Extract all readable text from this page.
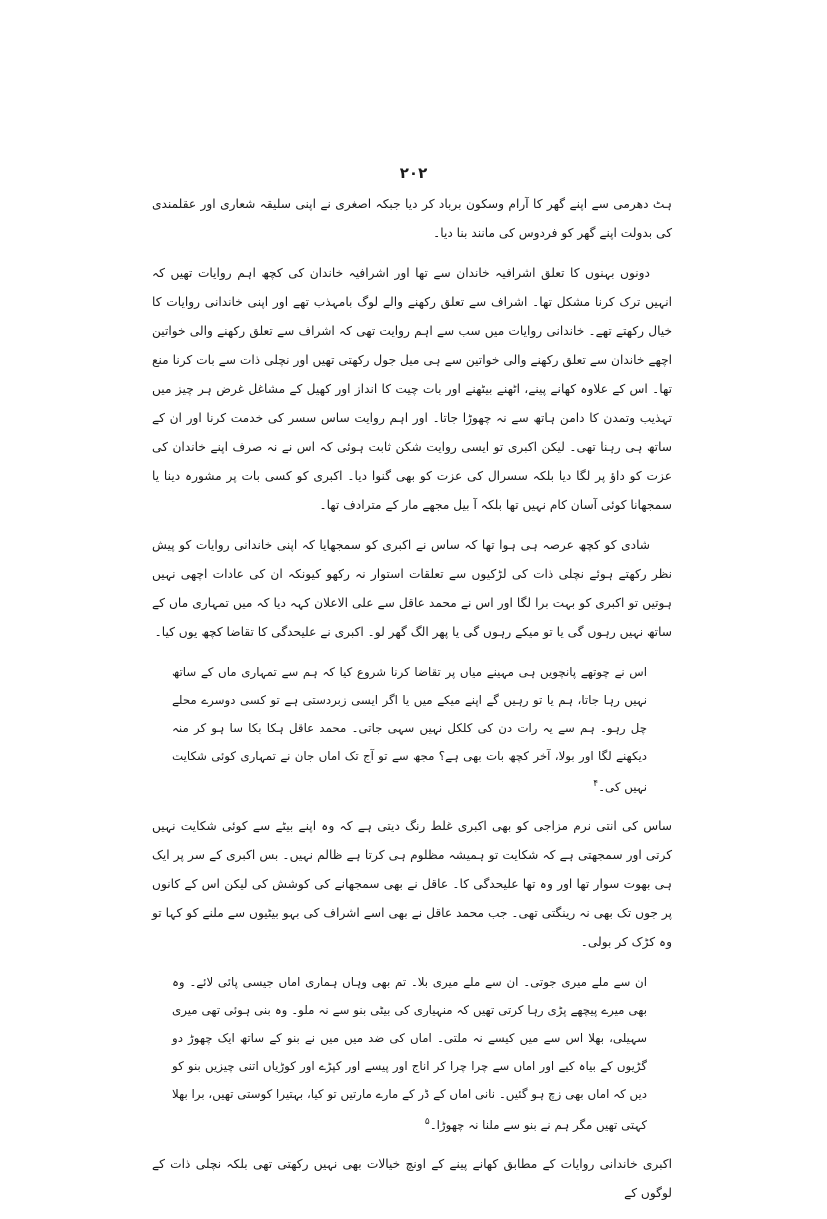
۲۰۲

ہٹ دھرمی سے اپنے گھر کا آرام وسکون برباد کر دیا جبکہ اصغری نے اپنی سلیقہ شعاری اور عقلمندی کی بدولت اپنے گھر کو فردوس کی مانند بنا دیا۔

دونوں بہنوں کا تعلق اشرافیہ خاندان سے تھا اور اشرافیہ خاندان کی کچھ اہم روایات تھیں کہ انہیں ترک کرنا مشکل تھا۔ اشراف سے تعلق رکھنے والے لوگ بامہذب تھے اور اپنی خاندانی روایات کا خیال رکھتے تھے۔ خاندانی روایات میں سب سے اہم روایت تھی کہ اشراف سے تعلق رکھنے والی خواتین اچھے خاندان سے تعلق رکھنے والی خواتین سے ہی میل جول رکھتی تھیں اور نچلی ذات سے بات کرنا منع تھا۔ اس کے علاوہ کھانے پینے، اٹھنے بیٹھنے اور بات چیت کا انداز اور کھیل کے مشاغل غرض ہر چیز میں تہذیب وتمدن کا دامن ہاتھ سے نہ چھوڑا جاتا۔ اور اہم روایت ساس سسر کی خدمت کرنا اور ان کے ساتھ ہی رہنا تھی۔ لیکن اکبری تو ایسی روایت شکن ثابت ہوئی کہ اس نے نہ صرف اپنے خاندان کی عزت کو داؤ پر لگا دیا بلکہ سسرال کی عزت کو بھی گنوا دیا۔ اکبری کو کسی بات پر مشورہ دینا یا سمجھانا کوئی آسان کام نہیں تھا بلکہ آ بیل مجھے مار کے مترادف تھا۔

شادی کو کچھ عرصہ ہی ہوا تھا کہ ساس نے اکبری کو سمجھایا کہ اپنی خاندانی روایات کو پیش نظر رکھتے ہوئے نچلی ذات کی لڑکیوں سے تعلقات استوار نہ رکھو کیونکہ ان کی عادات اچھی نہیں ہوتیں تو اکبری کو بہت برا لگا اور اس نے محمد عاقل سے علی الاعلان کہہ دیا کہ میں تمہاری ماں کے ساتھ نہیں رہوں گی یا تو میکے رہوں گی یا پھر الگ گھر لو۔ اکبری نے علیحدگی کا تقاضا کچھ یوں کیا۔

اس نے چوتھے پانچویں ہی مہینے میاں پر تقاضا کرنا شروع کیا کہ ہم سے تمہاری ماں کے ساتھ نہیں رہا جاتا، ہم یا تو رہیں گے اپنے میکے میں یا اگر ایسی زبردستی ہے تو کسی دوسرے محلے چل رہو۔ ہم سے یہ رات دن کی کلکل نہیں سہی جاتی۔ محمد عاقل ہکا بکا سا ہو کر منہ دیکھنے لگا اور بولا، آخر کچھ بات بھی ہے؟ مجھ سے تو آج تک اماں جان نے تمہاری کوئی شکایت نہیں کی۔$^۴$

ساس کی انتی نرم مزاجی کو بھی اکبری غلط رنگ دیتی ہے کہ وہ اپنے بیٹے سے کوئی شکایت نہیں کرتی اور سمجھتی ہے کہ شکایت تو ہمیشہ مظلوم ہی کرتا ہے ظالم نہیں۔ بس اکبری کے سر پر ایک ہی بھوت سوار تھا اور وہ تھا علیحدگی کا۔ عاقل نے بھی سمجھانے کی کوشش کی لیکن اس کے کانوں پر جوں تک بھی نہ رینگتی تھی۔ جب محمد عاقل نے بھی اسے اشراف کی بہو بیٹیوں سے ملنے کو کہا تو وہ کڑک کر بولی۔

ان سے ملے میری جوتی۔ ان سے ملے میری بلا۔ تم بھی وہاں ہماری اماں جیسی پائی لائے۔ وہ بھی میرے پیچھے پڑی رہا کرتی تھیں کہ منہیاری کی بیٹی بنو سے نہ ملو۔ وہ بنی ہوئی تھی میری سہیلی، بھلا اس سے میں کیسے نہ ملتی۔ اماں کی ضد میں میں نے بنو کے ساتھ ایک چھوڑ دو گڑیوں کے بیاہ کیے اور اماں سے چرا چرا کر اناج اور پیسے اور کپڑے اور کوڑیاں اتنی چیزیں بنو کو دیں کہ اماں بھی زچ ہو گئیں۔ نانی اماں کے ڈر کے مارے مارتیں تو کیا، بہتیرا کوستی تھیں، برا بھلا کہتی تھیں مگر ہم نے بنو سے ملنا نہ چھوڑا۔$^۵$

اکبری خاندانی روایات کے مطابق کھانے پینے کے اونچ خیالات بھی نہیں رکھتی تھی بلکہ نچلی ذات کے لوگوں کے
